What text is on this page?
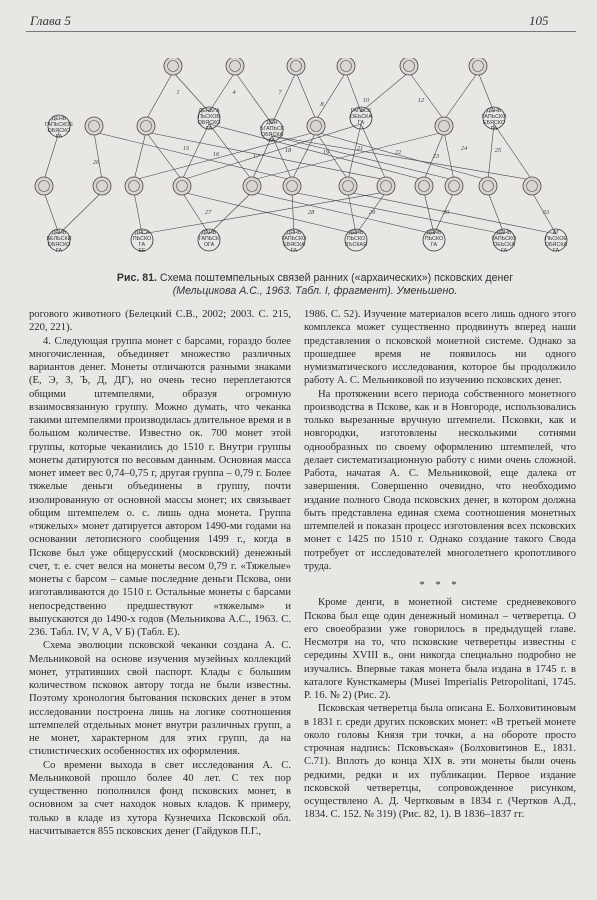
Глава 5	105
ДЕНЬ
ГАПЬСКОЕ
ОБЯСКО
ГА
ДЕНЬГА
ПЬСКОВ
ОБЯСКО
ГА
ДЕН
ЬГАПЬСК
ОБЯСКА
ГА
ГАПЬСК
ОЕЬСКА
ГА
ДЕНЬ
ГАПЬСКО
ЕБЯСКО
ГА
ДЕНЬ
БЕЛЬСКИ
ОБЯСКО
ГА
ДЕСА
ПЬСКО
ГА
ЕЕ
ДЕНЬ
ГАПЬСК
ОГА
ДЕНЬ
ГАПЬСКО
ЕБЯСКА
ГА
ДЕНЬ
ПЬСКО
ВЪСКАЯ
ДЕНЬ
ПЬСКО
ГА
ДЕНЬ
ГАПЬСКО
ОЕЬСКА
ГА
АГ
ПЬСКОЕ
ОБЯСКА
ГА
1	4	7
8
10	12
15
16	17
18	19
21
22
23
24	25
26
27	28	29	30	33
Рис. 81. Схема поштемпельных связей ранних («архаических») псковских денег
(Мельцикова А.С., 1963. Табл. I, фрагмент). Уменьшено.

рогового животного (Белецкий С.В., 2002; 2003. С. 215, 220, 221).

4. Следующая группа монет с барсами, гораздо более многочисленная, объединяет множество различных вариантов денег. Монеты отличаются разными знаками (Е, Э, З, Ъ, Д, ДГ), но очень тесно переплетаются общими штемпелями, образуя огромную взаимосвязанную группу. Можно думать, что чеканка такими штемпелями производилась длительное время и в большом количестве. Известно ок. 700 монет этой группы, которые чеканились до 1510 г. Внутри группы монеты датируются по весовым данным. Основная масса монет имеет вес 0,74–0,75 г, другая группа – 0,79 г. Более тяжелые деньги объединены в группу, почти изолированную от основной массы монет; их связывает общим штемпелем о. с. лишь одна монета. Группа «тяжелых» монет датируется автором 1490-ми годами на основании летописного сообщения 1499 г., когда в Пскове был уже общерусский (московский) денежный счет, т. е. счет велся на монеты весом 0,79 г. «Тяжелые» монеты с барсом – самые последние деньги Пскова, они изготавливаются до 1510 г. Остальные монеты с барсами непосредственно предшествуют «тяжелым» и выпускаются до 1490-х годов (Мельникова А.С., 1963. С. 236. Табл. IV, V А, V Б) (Табл. Е).

Схема эволюции псковской чеканки создана А. С. Мельниковой на основе изучения музейных коллекций монет, утративших свой паспорт. Клады с большим количеством псковок автору тогда не были известны. Поэтому хронология бытования псковских денег в этом исследовании построена лишь на логике соотношения штемпелей отдельных монет внутри различных групп, а не монет, характерном для этих групп, да на стилистических особенностях их оформления.

Со времени выхода в свет исследования А. С. Мельниковой прошло более 40 лет. С тех пор существенно пополнился фонд псковских монет, в основном за счет находок новых кладов. К примеру, только в кладе из хутора Кузнечиха Псковской обл. насчитывается 855 псковских денег (Гайдуков П.Г.,

1986. С. 52). Изучение материалов всего лишь одного этого комплекса может существенно продвинуть вперед наши представления о псковской монетной системе. Однако за прошедшее время не появилось ни одного нумизматического исследования, которое бы продолжило работу А. С. Мельниковой по изучению псковских денег.

На протяжении всего периода собственного монетного производства в Пскове, как и в Новгороде, использовались только вырезанные вручную штемпели. Псковки, как и новгородки, изготовлены несколькими сотнями однообразных по своему оформлению штемпелей, что делает систематизационную работу с ними очень сложной. Работа, начатая А. С. Мельниковой, еще далека от завершения. Совершенно очевидно, что необходимо издание полного Свода псковских денег, в котором должна быть представлена единая схема соотношения монетных штемпелей и показан процесс изготовления всех псковских монет с 1425 по 1510 г. Однако создание такого Свода потребует от исследователей многолетнего кропотливого труда.

* * *

Кроме денги, в монетной системе средневекового Пскова был еще один денежный номинал – четверетца. О его своеобразии уже говорилось в предыдущей главе. Несмотря на то, что псковские четверетцы известны с середины XVIII в., они никогда специально подробно не изучались. Впервые такая монета была издана в 1745 г. в каталоге Кунсткамеры (Musei Imperialis Petropolitani, 1745. P. 16. № 2) (Рис. 2).

Псковская четверетца была описана Е. Болховитиновым в 1831 г. среди других псковских монет: «В третьей монете около головы Князя три точки, а на обороте просто строчная надпись: Псковъская» (Болховитинов Е., 1831. С.71). Вплоть до конца XIX в. эти монеты были очень редкими, редки и их публикации. Первое издание псковской четверетцы, сопровожденное рисунком, осуществлено А. Д. Чертковым в 1834 г. (Чертков А.Д., 1834. С. 152. № 319) (Рис. 82, 1). В 1836–1837 гг.
